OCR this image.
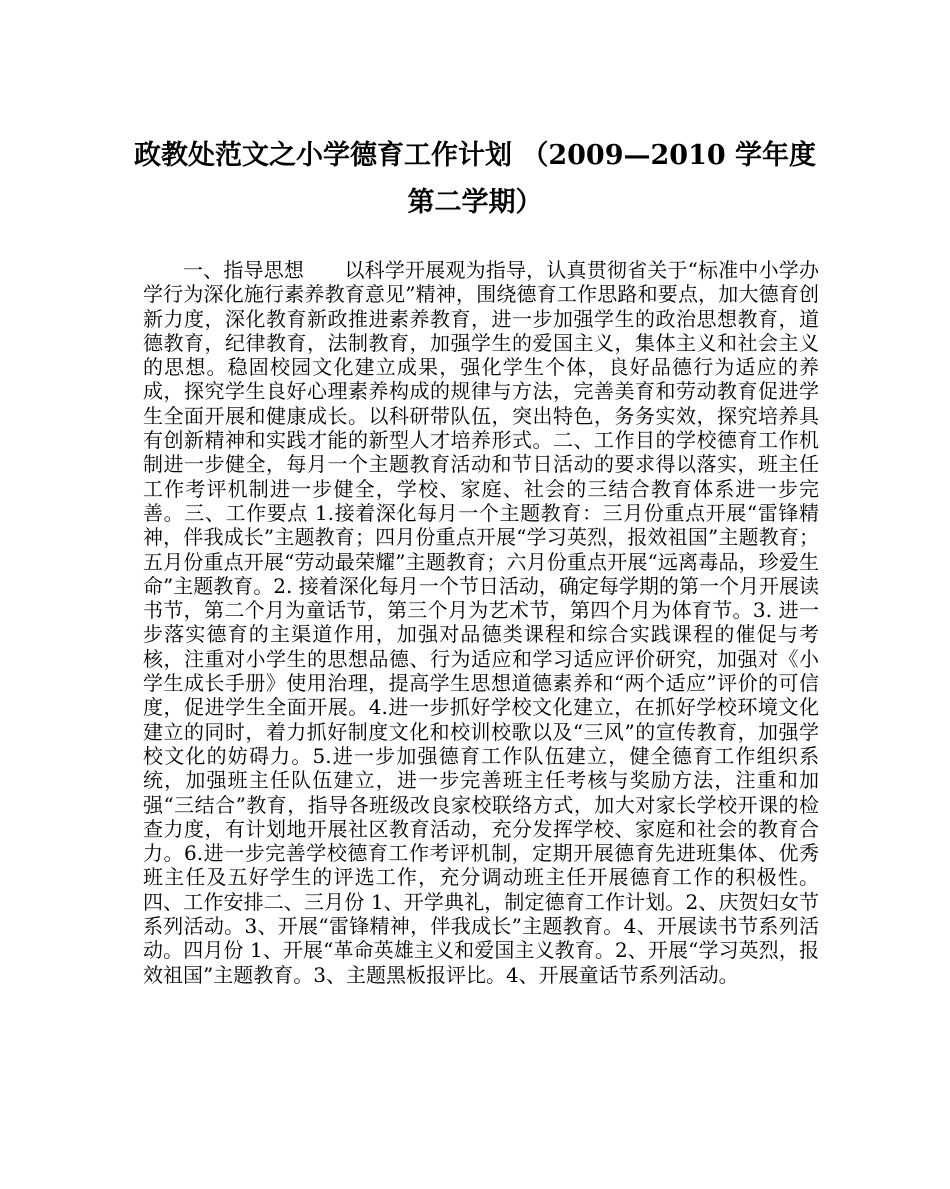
政教处范文之小学德育工作计划 （2009—2010 学年度
第二学期）

一、指导思想　　以科学开展观为指导，认真贯彻省关于“标准中小学办学行为深化施行素养教育意见”精神，围绕德育工作思路和要点，加大德育创新力度，深化教育新政推进素养教育，进一步加强学生的政治思想教育，道德教育，纪律教育，法制教育，加强学生的爱国主义，集体主义和社会主义的思想。稳固校园文化建立成果，强化学生个体，良好品德行为适应的养成，探究学生良好心理素养构成的规律与方法，完善美育和劳动教育促进学生全面开展和健康成长。以科研带队伍，突出特色，务务实效，探究培养具有创新精神和实践才能的新型人才培养形式。二、工作目的学校德育工作机制进一步健全，每月一个主题教育活动和节日活动的要求得以落实，班主任工作考评机制进一步健全，学校、家庭、社会的三结合教育体系进一步完善。三、工作要点 1.接着深化每月一个主题教育：三月份重点开展“雷锋精神，伴我成长”主题教育；四月份重点开展“学习英烈，报效祖国”主题教育；五月份重点开展“劳动最荣耀”主题教育；六月份重点开展“远离毒品，珍爱生命”主题教育。2. 接着深化每月一个节日活动，确定每学期的第一个月开展读书节，第二个月为童话节，第三个月为艺术节，第四个月为体育节。3. 进一步落实德育的主渠道作用，加强对品德类课程和综合实践课程的催促与考核，注重对小学生的思想品德、行为适应和学习适应评价研究，加强对《小学生成长手册》使用治理，提高学生思想道德素养和“两个适应”评价的可信度，促进学生全面开展。4.进一步抓好学校文化建立，在抓好学校环境文化建立的同时，着力抓好制度文化和校训校歌以及“三风”的宣传教育，加强学校文化的妨碍力。5.进一步加强德育工作队伍建立，健全德育工作组织系统，加强班主任队伍建立，进一步完善班主任考核与奖励方法，注重和加强“三结合”教育，指导各班级改良家校联络方式，加大对家长学校开课的检查力度，有计划地开展社区教育活动，充分发挥学校、家庭和社会的教育合力。6.进一步完善学校德育工作考评机制，定期开展德育先进班集体、优秀班主任及五好学生的评选工作，充分调动班主任开展德育工作的积极性。四、工作安排二、三月份 1、开学典礼，制定德育工作计划。2、庆贺妇女节系列活动。3、开展“雷锋精神，伴我成长”主题教育。4、开展读书节系列活动。四月份 1、开展“革命英雄主义和爱国主义教育。2、开展“学习英烈，报效祖国”主题教育。3、主题黑板报评比。4、开展童话节系列活动。
